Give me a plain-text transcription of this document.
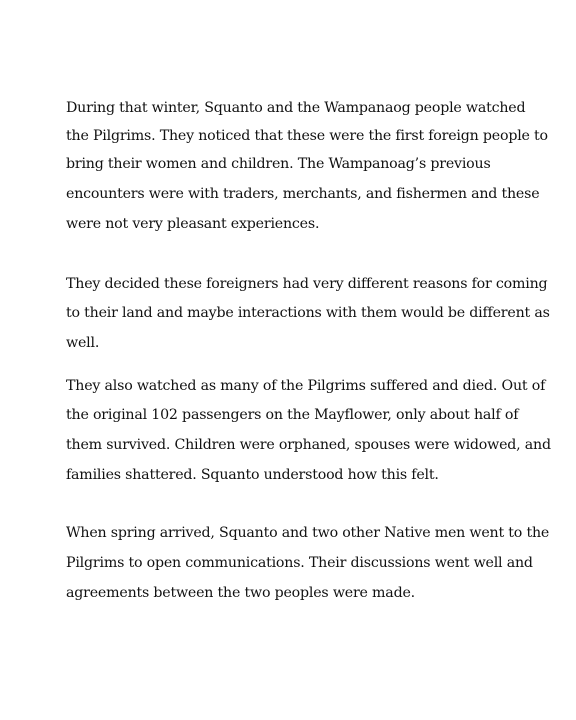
During that winter, Squanto and the Wampanaog people watched

the Pilgrims. They noticed that these were the first foreign people to

bring their women and children. The Wampanoag’s previous

encounters were with traders, merchants, and fishermen and these

were not very pleasant experiences.

They decided these foreigners had very different reasons for coming

to their land and maybe interactions with them would be different as

well.

They also watched as many of the Pilgrims suffered and died. Out of

the original 102 passengers on the Mayflower, only about half of

them survived. Children were orphaned, spouses were widowed, and

families shattered. Squanto understood how this felt.

When spring arrived, Squanto and two other Native men went to the

Pilgrims to open communications. Their discussions went well and

agreements between the two peoples were made.
